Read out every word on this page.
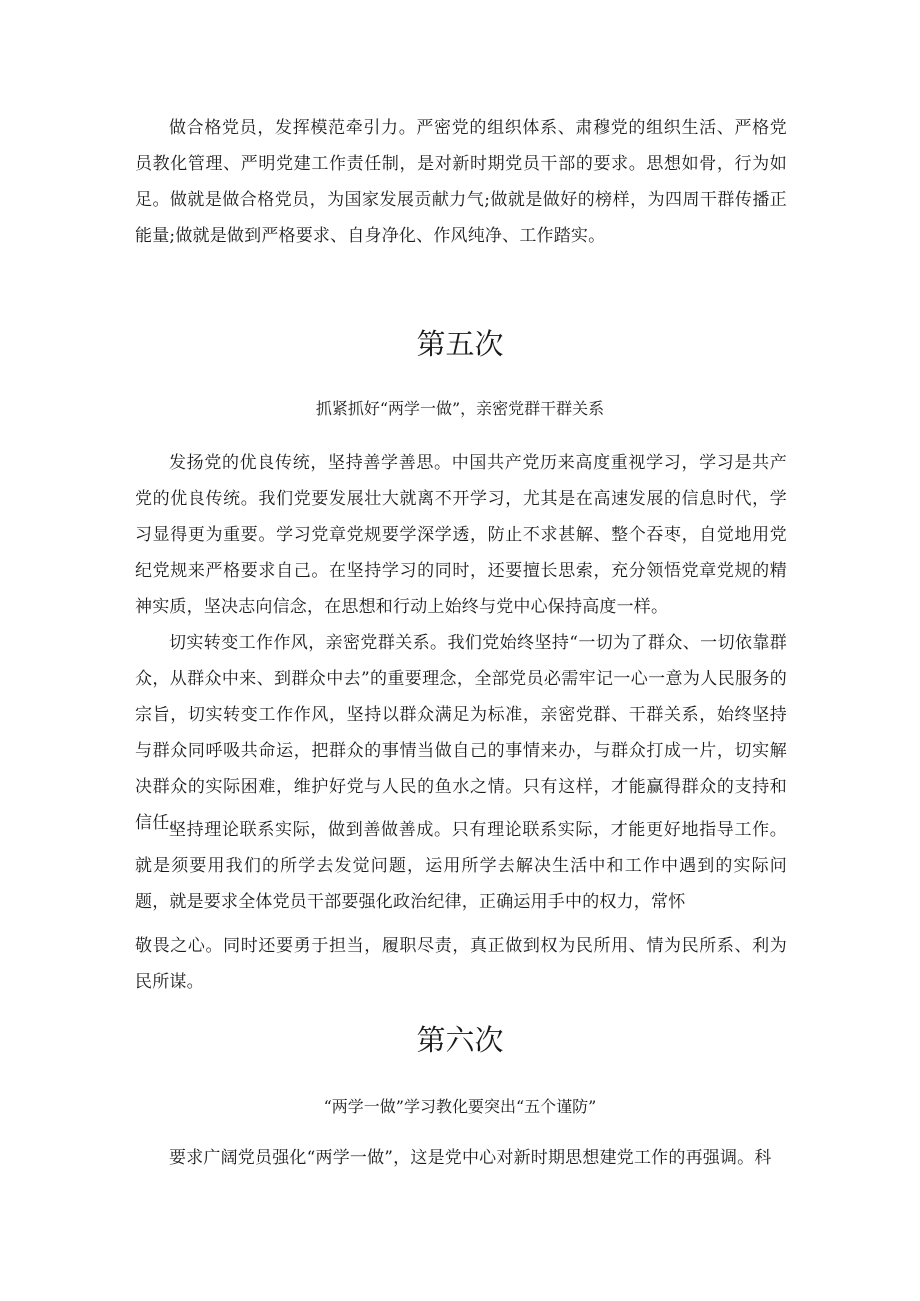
做合格党员，发挥模范牵引力。严密党的组织体系、肃穆党的组织生活、严格党员教化管理、严明党建工作责任制，是对新时期党员干部的要求。思想如骨，行为如足。做就是做合格党员，为国家发展贡献力气;做就是做好的榜样，为四周干群传播正能量;做就是做到严格要求、自身净化、作风纯净、工作踏实。

第五次
抓紧抓好“两学一做”，亲密党群干群关系

发扬党的优良传统，坚持善学善思。中国共产党历来高度重视学习，学习是共产党的优良传统。我们党要发展壮大就离不开学习，尤其是在高速发展的信息时代，学习显得更为重要。学习党章党规要学深学透，防止不求甚解、整个吞枣，自觉地用党纪党规来严格要求自己。在坚持学习的同时，还要擅长思索，充分领悟党章党规的精神实质，坚决志向信念，在思想和行动上始终与党中心保持高度一样。

切实转变工作作风，亲密党群关系。我们党始终坚持“一切为了群众、一切依靠群众，从群众中来、到群众中去”的重要理念，全部党员必需牢记一心一意为人民服务的宗旨，切实转变工作作风，坚持以群众满足为标准，亲密党群、干群关系，始终坚持与群众同呼吸共命运，把群众的事情当做自己的事情来办，与群众打成一片，切实解决群众的实际困难，维护好党与人民的鱼水之情。只有这样，才能赢得群众的支持和信任。

坚持理论联系实际，做到善做善成。只有理论联系实际，才能更好地指导工作。就是须要用我们的所学去发觉问题，运用所学去解决生活中和工作中遇到的实际问题，就是要求全体党员干部要强化政治纪律，正确运用手中的权力，常怀

敬畏之心。同时还要勇于担当，履职尽责，真正做到权为民所用、情为民所系、利为民所谋。

第六次
“两学一做”学习教化要突出“五个谨防”

要求广阔党员强化“两学一做”，这是党中心对新时期思想建党工作的再强调。科
